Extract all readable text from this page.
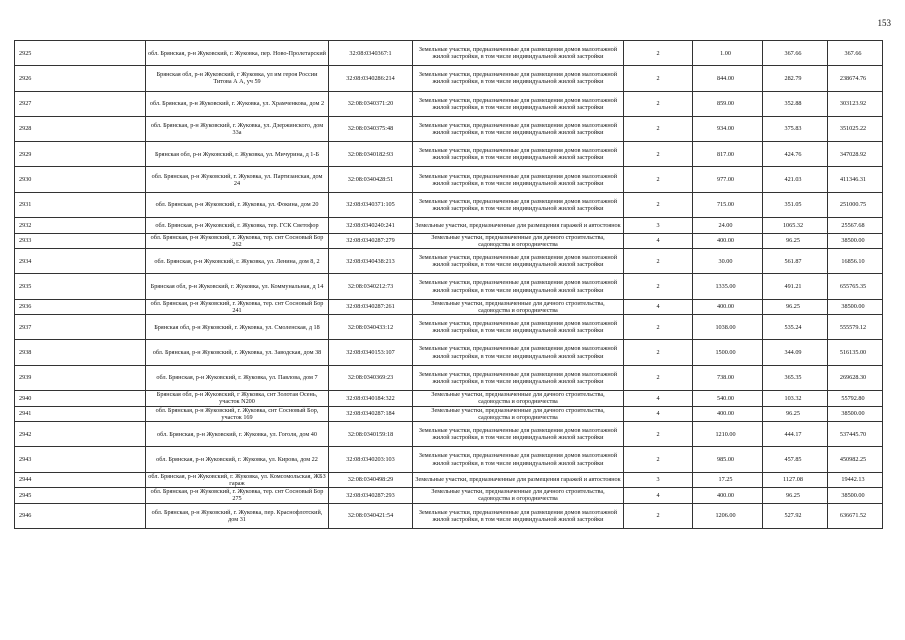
153
2925	обл. Брянская, р-н Жуковский, г. Жуковка, пер. Ново-Пролетарский	32:08:0340367:1	Земельные участки, предназначенные для размещения домов малоэтажной жилой застройки, в том числе индивидуальной жилой застройки	2	1.00	367.66	367.66
2926	Брянская обл, р-н Жуковский, г Жуковка, ул им героя России Титова А А, уч 59	32:08:0340286:214	Земельные участки, предназначенные для размещения домов малоэтажной жилой застройки, в том числе индивидуальной жилой застройки	2	844.00	282.79	238674.76
2927	обл. Брянская, р-н Жуковский, г. Жуковка, ул. Храмченкова, дом 2	32:08:0340371:20	Земельные участки, предназначенные для размещения домов малоэтажной жилой застройки, в том числе индивидуальной жилой застройки	2	859.00	352.88	303123.92
2928	обл. Брянская, р-н Жуковский, г. Жуковка, ул. Дзержинского, дом 33а	32:08:0340375:48	Земельные участки, предназначенные для размещения домов малоэтажной жилой застройки, в том числе индивидуальной жилой застройки	2	934.00	375.83	351025.22
2929	Брянская обл, р-н Жуковский, г. Жуковка, ул. Мичурина, д 1-Б	32:08:0340182:93	Земельные участки, предназначенные для размещения домов малоэтажной жилой застройки, в том числе индивидуальной жилой застройки	2	817.00	424.76	347028.92
2930	обл. Брянская, р-н Жуковский, г. Жуковка, ул. Партизанская, дом 24	32:08:0340428:51	Земельные участки, предназначенные для размещения домов малоэтажной жилой застройки, в том числе индивидуальной жилой застройки	2	977.00	421.03	411346.31
2931	обл. Брянская, р-н Жуковский, г. Жуковка, ул. Фокина, дом 20	32:08:0340371:105	Земельные участки, предназначенные для размещения домов малоэтажной жилой застройки, в том числе индивидуальной жилой застройки	2	715.00	351.05	251000.75
2932	обл. Брянская, р-н Жуковский, г. Жуковка, тер. ГСК Светофор	32:08:0340240:241	Земельные участки, предназначенные для размещения гаражей и автостоянок	3	24.00	1065.32	25567.68
2933	обл. Брянская, р-н Жуковский, г. Жуковка, тер. снт Сосновый Бор 262	32:08:0340287:279	Земельные участки, предназначенные для дачного строительства, садоводства и огородничества	4	400.00	96.25	38500.00
2934	обл. Брянская, р-н Жуковский, г. Жуковка, ул. Ленина, дом 8, 2	32:08:0340438:213	Земельные участки, предназначенные для размещения домов малоэтажной жилой застройки, в том числе индивидуальной жилой застройки	2	30.00	561.87	16856.10
2935	Брянская обл, р-н Жуковский, г. Жуковка, ул. Коммунальная, д 14	32:08:0340212:73	Земельные участки, предназначенные для размещения домов малоэтажной жилой застройки, в том числе индивидуальной жилой застройки	2	1335.00	491.21	655765.35
2936	обл. Брянская, р-н Жуковский, г. Жуковка, тер. снт Сосновый Бор 241	32:08:0340287:261	Земельные участки, предназначенные для дачного строительства, садоводства и огородничества	4	400.00	96.25	38500.00
2937	Брянская обл, р-н Жуковский, г. Жуковка, ул. Смоленская, д 18	32:08:0340433:12	Земельные участки, предназначенные для размещения домов малоэтажной жилой застройки, в том числе индивидуальной жилой застройки	2	1038.00	535.24	555579.12
2938	обл. Брянская, р-н Жуковский, г. Жуковка, ул. Заводская, дом 38	32:08:0340153:107	Земельные участки, предназначенные для размещения домов малоэтажной жилой застройки, в том числе индивидуальной жилой застройки	2	1500.00	344.09	516135.00
2939	обл. Брянская, р-н Жуковский, г. Жуковка, ул. Павлова, дом 7	32:08:0340369:23	Земельные участки, предназначенные для размещения домов малоэтажной жилой застройки, в том числе индивидуальной жилой застройки	2	738.00	365.35	269628.30
2940	Брянская обл, р-н Жуковский, г Жуковка, снт Золотая Осень, участок N200	32:08:0340184:322	Земельные участки, предназначенные для дачного строительства, садоводства и огородничества	4	540.00	103.32	55792.80
2941	обл. Брянская, р-н Жуковский, г. Жуковка, снт Сосновый Бор, участок 169	32:08:0340287:184	Земельные участки, предназначенные для дачного строительства, садоводства и огородничества	4	400.00	96.25	38500.00
2942	обл. Брянская, р-н Жуковский, г. Жуковка, ул. Гоголя, дом 40	32:08:0340159:18	Земельные участки, предназначенные для размещения домов малоэтажной жилой застройки, в том числе индивидуальной жилой застройки	2	1210.00	444.17	537445.70
2943	обл. Брянская, р-н Жуковский, г. Жуковка, ул. Кирова, дом 22	32:08:0340203:103	Земельные участки, предназначенные для размещения домов малоэтажной жилой застройки, в том числе индивидуальной жилой застройки	2	985.00	457.85	450982.25
2944	обл. Брянская, р-н Жуковский, г. Жуковка, ул. Комсомольская, ЖБЗ гараж	32:08:0340498:29	Земельные участки, предназначенные для размещения гаражей и автостоянок	3	17.25	1127.08	19442.13
2945	обл. Брянская, р-н Жуковский, г. Жуковка, тер. снт Сосновый Бор 275	32:08:0340287:293	Земельные участки, предназначенные для дачного строительства, садоводства и огородничества	4	400.00	96.25	38500.00
2946	обл. Брянская, р-н Жуковский, г. Жуковка, пер. Краснофлотский, дом 31	32:08:0340421:54	Земельные участки, предназначенные для размещения домов малоэтажной жилой застройки, в том числе индивидуальной жилой застройки	2	1206.00	527.92	636671.52
